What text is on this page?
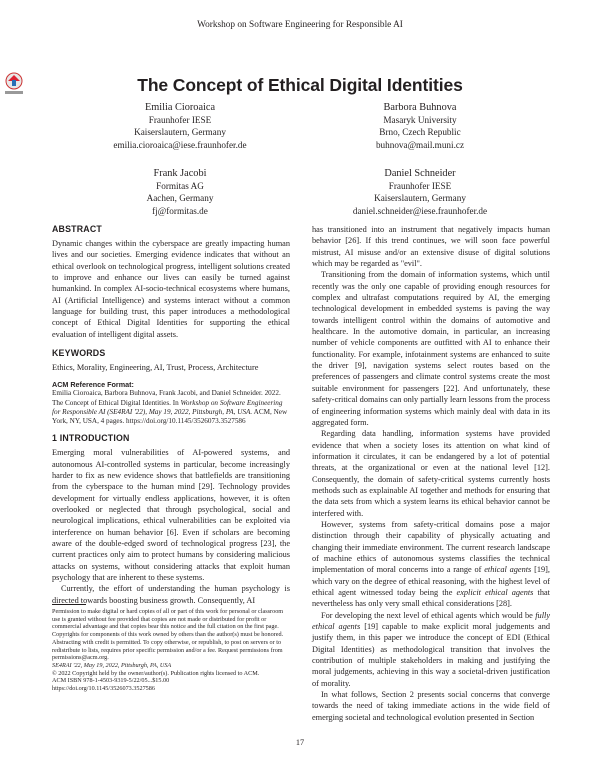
Workshop on Software Engineering for Responsible AI
The Concept of Ethical Digital Identities
Emilia Cioroaica
Fraunhofer IESE
Kaiserslautern, Germany
emilia.cioroaica@iese.fraunhofer.de
Barbora Buhnova
Masaryk University
Brno, Czech Republic
buhnova@mail.muni.cz
Frank Jacobi
Formitas AG
Aachen, Germany
fj@formitas.de
Daniel Schneider
Fraunhofer IESE
Kaiserslautern, Germany
daniel.schneider@iese.fraunhofer.de
ABSTRACT

Dynamic changes within the cyberspace are greatly impacting human lives and our societies. Emerging evidence indicates that without an ethical overlook on technological progress, intelligent solutions created to improve and enhance our lives can easily be turned against humankind. In complex AI-socio-technical ecosystems where humans, AI (Artificial Intelligence) and systems interact without a common language for building trust, this paper introduces a methodological concept of Ethical Digital Identities for supporting the ethical evaluation of intelligent digital assets.

KEYWORDS

Ethics, Morality, Engineering, AI, Trust, Process, Architecture

ACM Reference Format:

Emilia Cioroaica, Barbora Buhnova, Frank Jacobi, and Daniel Schneider. 2022. The Concept of Ethical Digital Identities. In Workshop on Software Engineering for Responsible AI (SE4RAI '22), May 19, 2022, Pittsburgh, PA, USA. ACM, New York, NY, USA, 4 pages. https://doi.org/10.1145/3526073.3527586

1 INTRODUCTION

Emerging moral vulnerabilities of AI-powered systems, and autonomous AI-controlled systems in particular, become increasingly harder to fix as new evidence shows that battlefields are transitioning from the cyberspace to the human mind [29]. Technology provides development for virtually endless applications, however, it is often overlooked or neglected that through psychological, social and neurological implications, ethical vulnerabilities can be exploited via interference on human behavior [6]. Even if scholars are becoming aware of the double-edged sword of technological progress [23], the current practices only aim to protect humans by considering malicious attacks on systems, without considering attacks that exploit human psychology that are inherent to these systems.

Currently, the effort of understanding the human psychology is directed towards boosting business growth. Consequently, AI

Permission to make digital or hard copies of all or part of this work for personal or classroom use is granted without fee provided that copies are not made or distributed for profit or commercial advantage and that copies bear this notice and the full citation on the first page. Copyrights for components of this work owned by others than the author(s) must be honored. Abstracting with credit is permitted. To copy otherwise, or republish, to post on servers or to redistribute to lists, requires prior specific permission and/or a fee. Request permissions from permissions@acm.org.

SE4RAI '22, May 19, 2022, Pittsburgh, PA, USA

© 2022 Copyright held by the owner/author(s). Publication rights licensed to ACM.

ACM ISBN 978-1-4503-9319-5/22/05...$15.00

https://doi.org/10.1145/3526073.3527586

has transitioned into an instrument that negatively impacts human behavior [26]. If this trend continues, we will soon face powerful mistrust, AI misuse and/or an extensive disuse of digital solutions which may be regarded as "evil".

Transitioning from the domain of information systems, which until recently was the only one capable of providing enough resources for complex and ultrafast computations required by AI, the emerging technological development in embedded systems is paving the way towards intelligent control within the domains of automotive and healthcare. In the automotive domain, in particular, an increasing number of vehicle components are outfitted with AI to enhance their functionality. For example, infotainment systems are enhanced to suite the driver [9], navigation systems select routes based on the preferences of passengers and climate control systems create the most suitable environment for passengers [22]. And unfortunately, these safety-critical domains can only partially learn lessons from the process of engineering information systems which mainly deal with data in its aggregated form.

Regarding data handling, information systems have provided evidence that when a society loses its attention on what kind of information it circulates, it can be endangered by a lot of potential threats, at the organizational or even at the national level [12]. Consequently, the domain of safety-critical systems currently hosts methods such as explainable AI together and methods for ensuring that the data sets from which a system learns its ethical behavior cannot be interfered with.

However, systems from safety-critical domains pose a major distinction through their capability of physically actuating and changing their immediate environment. The current research landscape of machine ethics of autonomous systems classifies the technical implementation of moral concerns into a range of ethical agents [19], which vary on the degree of ethical reasoning, with the highest level of ethical agent witnessed today being the explicit ethical agents that nevertheless has only very small ethical considerations [28].

For developing the next level of ethical agents which would be fully ethical agents [19] capable to make explicit moral judgements and justify them, in this paper we introduce the concept of EDI (Ethical Digital Identities) as methodological transition that involves the contribution of multiple stakeholders in making and justifying the moral judgements, achieving in this way a societal-driven justification of morality.

In what follows, Section 2 presents social concerns that converge towards the need of taking immediate actions in the wide field of emerging societal and technological evolution presented in Section

17
